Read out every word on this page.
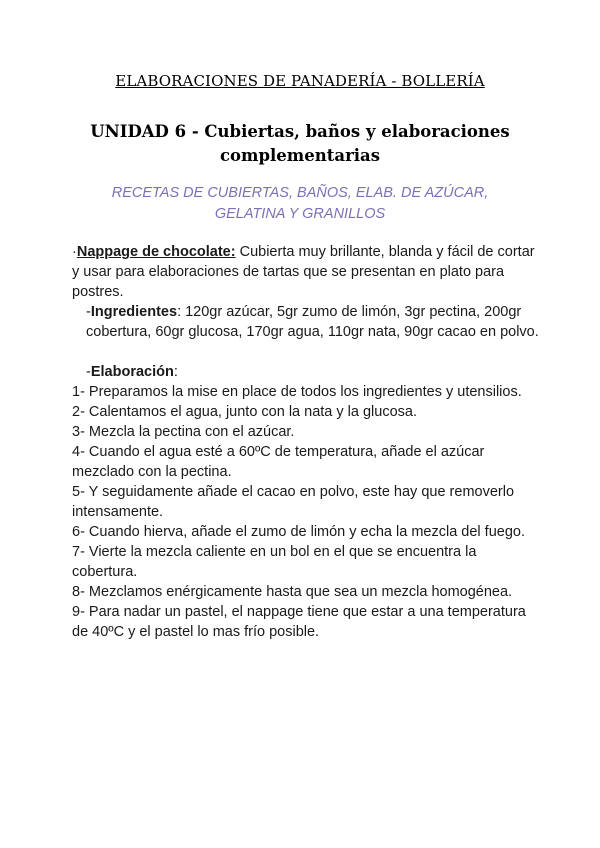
ELABORACIONES DE PANADERÍA - BOLLERÍA
UNIDAD 6 - Cubiertas, baños y elaboraciones complementarias
RECETAS DE CUBIERTAS, BAÑOS, ELAB. DE AZÚCAR, GELATINA Y GRANILLOS

·Nappage de chocolate: Cubierta muy brillante, blanda y fácil de cortar y usar para elaboraciones de tartas que se presentan en plato para postres.

-Ingredientes: 120gr azúcar, 5gr zumo de limón, 3gr pectina, 200gr cobertura, 60gr glucosa, 170gr agua, 110gr nata, 90gr cacao en polvo.

-Elaboración:

1- Preparamos la mise en place de todos los ingredientes y utensilios.

2- Calentamos el agua, junto con la nata y la glucosa.

3- Mezcla la pectina con el azúcar.

4- Cuando el agua esté a 60ºC de temperatura, añade el azúcar mezclado con la pectina.

5- Y seguidamente añade el cacao en polvo, este hay que removerlo intensamente.

6- Cuando hierva, añade el zumo de limón y echa la mezcla del fuego.

7- Vierte la mezcla caliente en un bol en el que se encuentra la cobertura.

8- Mezclamos enérgicamente hasta que sea un mezcla homogénea.

9- Para nadar un pastel, el nappage tiene que estar a una temperatura de 40ºC y el pastel lo mas frío posible.
